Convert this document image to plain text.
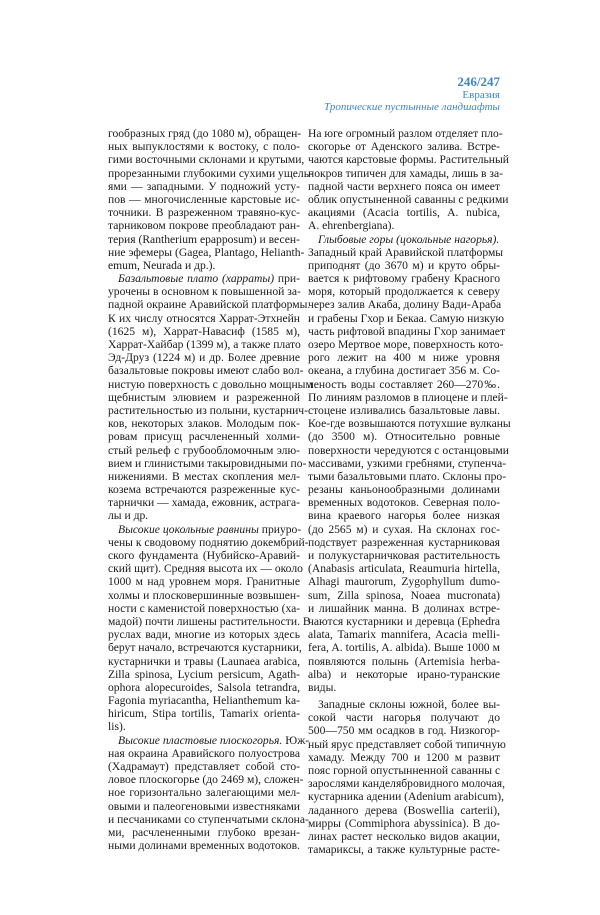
246/247
Евразия
Тропические пустынные ландшафты
гообразных гряд (до 1080 м), обращен-
ных выпуклостями к востоку, с поло-
гими восточными склонами и крутыми,
прорезанными глубокими сухими ущель-
ями — западными. У подножий усту-
пов — многочисленные карстовые ис-
точники. В разреженном травяно-кус-
тарниковом покрове преобладают ран-
терия (Rantherium epapposum) и весен-
ние эфемеры (Gagea, Plantago, Helianth-
emum, Neurada и др.).
Базальтовые плато (харраты) при-
урочены в основном к повышенной за-
падной окраине Аравийской платформы.
К их числу относятся Харрат-Этхнейн
(1625 м), Харрат-Навасиф (1585 м),
Харрат-Хайбар (1399 м), а также плато
Эд-Друз (1224 м) и др. Более древние
базальтовые покровы имеют слабо вол-
нистую поверхность с довольно мощным
щебнистым элювием и разреженной
растительностью из полыни, кустарнич-
ков, некоторых злаков. Молодым пок-
ровам присущ расчлененный холми-
стый рельеф с грубообломочным элю-
вием и глинистыми такыровидными по-
нижениями. В местах скопления мел-
козема встречаются разреженные кус-
тарнички — хамада, ежовник, астрага-
лы и др.
Высокие цокольные равнины приуро-
чены к сводовому поднятию докембрий-
ского фундамента (Нубийско-Аравий-
ский щит). Средняя высота их — около
1000 м над уровнем моря. Гранитные
холмы и плосковершинные возвышен-
ности с каменистой поверхностью (ха-
мадой) почти лишены растительности. В
руслах вади, многие из которых здесь
берут начало, встречаются кустарники,
кустарнички и травы (Launaea arabica,
Zilla spinosa, Lycium persicum, Agath-
ophora alopecuroides, Salsola tetrandra,
Fagonia myriacantha, Helianthemum ka-
hiricum, Stipa tortilis, Tamarix orienta-
lis).
Высокие пластовые плоскогорья. Юж-
ная окраина Аравийского полуострова
(Хадрамаут) представляет собой сто-
ловое плоскогорье (до 2469 м), сложен-
ное горизонтально залегающими мел-
овыми и палеогеновыми известняками
и песчаниками со ступенчатыми склона-
ми, расчлененными глубоко врезан-
ными долинами временных водотоков.
На юге огромный разлом отделяет пло-
скогорье от Аденского залива. Встре-
чаются карстовые формы. Растительный
покров типичен для хамады, лишь в за-
падной части верхнего пояса он имеет
облик опустыненной саванны с редкими
акациями (Acacia tortilis, A. nubica,
A. ehrenbergiana).
Глыбовые горы (цокольные нагорья).
Западный край Аравийской платформы
приподнят (до 3670 м) и круто обры-
вается к рифтовому грабену Красного
моря, который продолжается к северу
через залив Акаба, долину Вади-Араба
и грабены Гхор и Бекаа. Самую низкую
часть рифтовой впадины Гхор занимает
озеро Мертвое море, поверхность кото-
рого лежит на 400 м ниже уровня
океана, а глубина достигает 356 м. Со-
леность воды составляет 260—270‰.
По линиям разломов в плиоцене и плей-
стоцене изливались базальтовые лавы.
Кое-где возвышаются потухшие вулканы
(до 3500 м). Относительно ровные
поверхности чередуются с останцовыми
массивами, узкими гребнями, ступенча-
тыми базальтовыми плато. Склоны про-
резаны каньонообразными долинами
временных водотоков. Северная поло-
вина краевого нагорья более низкая
(до 2565 м) и сухая. На склонах гос-
подствует разреженная кустарниковая
и полукустарничковая растительность
(Anabasis articulata, Reaumuria hirtella,
Alhagi maurorum, Zygophyllum dumo-
sum, Zilla spinosa, Noaea mucronata)
и лишайник манна. В долинах встре-
чаются кустарники и деревца (Ephedra
alata, Tamarix mannifera, Acacia melli-
fera, A. tortilis, A. albida). Выше 1000 м
появляются полынь (Artemisia herba-
alba) и некоторые ирано-туранские
виды.
Западные склоны южной, более вы-
сокой части нагорья получают до
500—750 мм осадков в год. Низкогор-
ный ярус представляет собой типичную
хамаду. Между 700 и 1200 м развит
пояс горной опустынненной саванны с
зарослями канделябровидного молочая,
кустарника адении (Adenium arabicum),
ладанного дерева (Boswellia carterii),
мирры (Commiphora abyssinica). В до-
линах растет несколько видов акации,
тамариксы, а также культурные расте-
